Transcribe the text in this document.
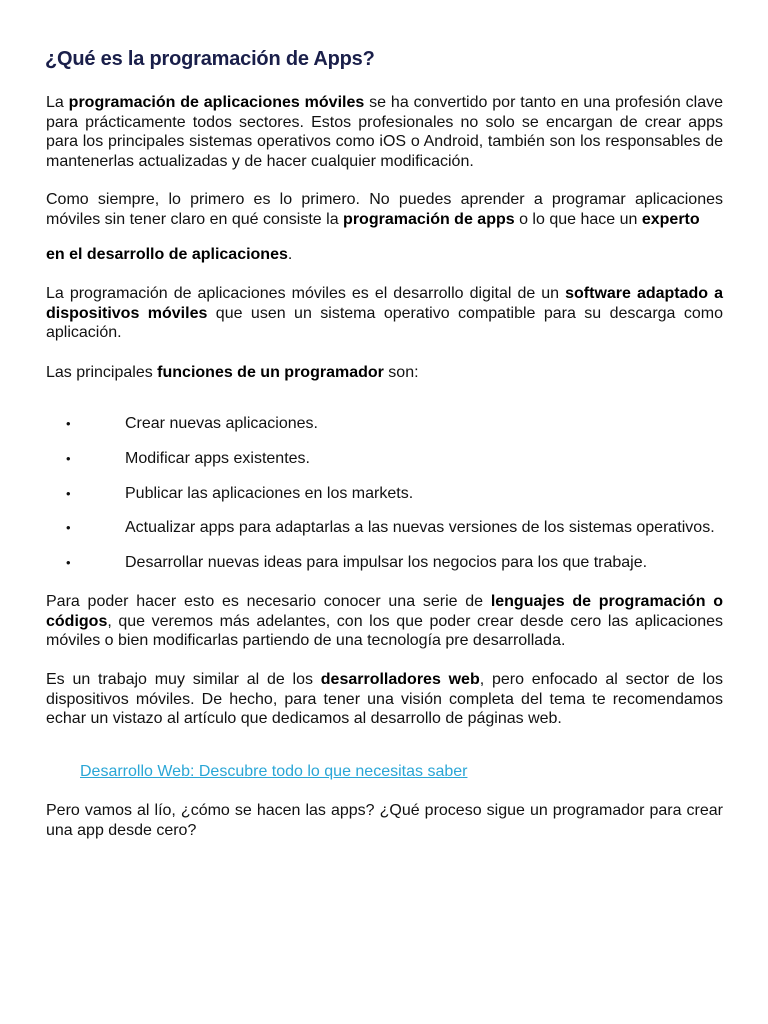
¿Qué es la programación de Apps?

La programación de aplicaciones móviles se ha convertido por tanto en una profesión clave para prácticamente todos sectores. Estos profesionales no solo se encargan de crear apps para los principales sistemas operativos como iOS o Android, también son los responsables de mantenerlas actualizadas y de hacer cualquier modificación.

Como siempre, lo primero es lo primero. No puedes aprender a programar aplicaciones móviles sin tener claro en qué consiste la programación de apps o lo que hace un experto

en el desarrollo de aplicaciones.

La programación de aplicaciones móviles es el desarrollo digital de un software adaptado a dispositivos móviles que usen un sistema operativo compatible para su descarga como aplicación.

Las principales funciones de un programador son:

•	Crear nuevas aplicaciones.
•	Modificar apps existentes.
•	Publicar las aplicaciones en los markets.
•	Actualizar apps para adaptarlas a las nuevas versiones de los sistemas operativos.
•	Desarrollar nuevas ideas para impulsar los negocios para los que trabaje.

Para poder hacer esto es necesario conocer una serie de lenguajes de programación o códigos, que veremos más adelantes, con los que poder crear desde cero las aplicaciones móviles o bien modificarlas partiendo de una tecnología pre desarrollada.

Es un trabajo muy similar al de los desarrolladores web, pero enfocado al sector de los dispositivos móviles. De hecho, para tener una visión completa del tema te recomendamos echar un vistazo al artículo que dedicamos al desarrollo de páginas web.

Desarrollo Web: Descubre todo lo que necesitas saber

Pero vamos al lío, ¿cómo se hacen las apps? ¿Qué proceso sigue un programador para crear una app desde cero?
